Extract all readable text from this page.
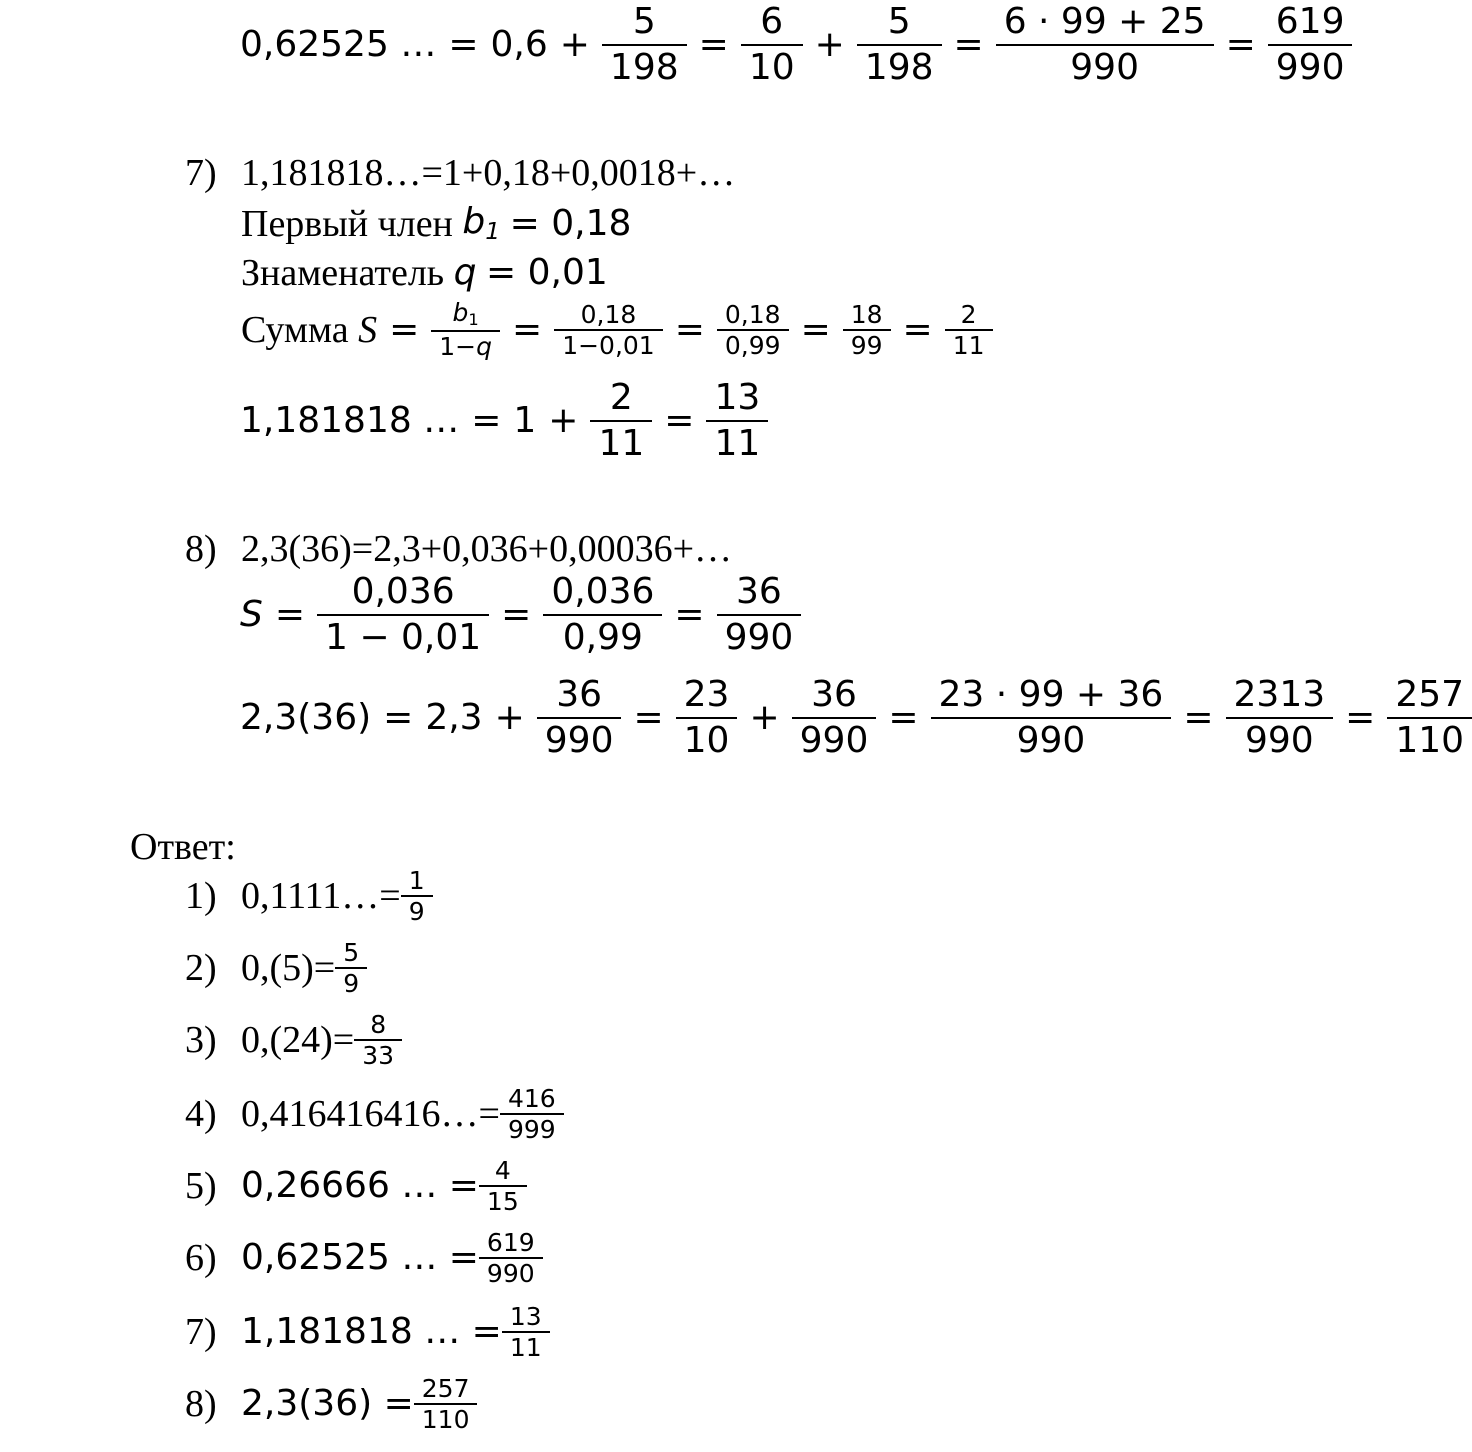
0,62525 … = $0,6 + \frac{5}{198} = \frac{6}{10} + \frac{5}{198} = \frac{6 \cdot 99 + 25}{990} = \frac{619}{990}$
7) 1,181818…=1+0,18+0,0018+…
Первый член
$b_1$
= 0,18
Знаменатель
q
= 0,01
Сумма
$S = \frac{b_1}{1-q} = \frac{0,18}{1-0,01} = \frac{0,18}{0,99} = \frac{18}{99} = \frac{2}{11}$
1,181818 … = $1 + \frac{2}{11} = \frac{13}{11}$
8) 2,3(36)=2,3+0,036+0,00036+…
$S = \frac{0,036}{1 - 0,01} = \frac{0,036}{0,99} = \frac{36}{990}$
$2,3(36) = 2,3 + \frac{36}{990} = \frac{23}{10} + \frac{36}{990} = \frac{23 \cdot 99 + 36}{990} = \frac{2313}{990} = \frac{257}{110}$
Ответ:
1) 0,1111…= $\frac{1}{9}$
2) $0,(5)= \frac{5}{9}$
3) $0,(24)= \frac{8}{33}$
4) 0,416416416…= $\frac{416}{999}$
5) 0,26666 … = $\frac{4}{15}$
6) 0,62525 … = $\frac{619}{990}$
7) 1,181818 … = $\frac{13}{11}$
8) $2,3(36) = \frac{257}{110}$
